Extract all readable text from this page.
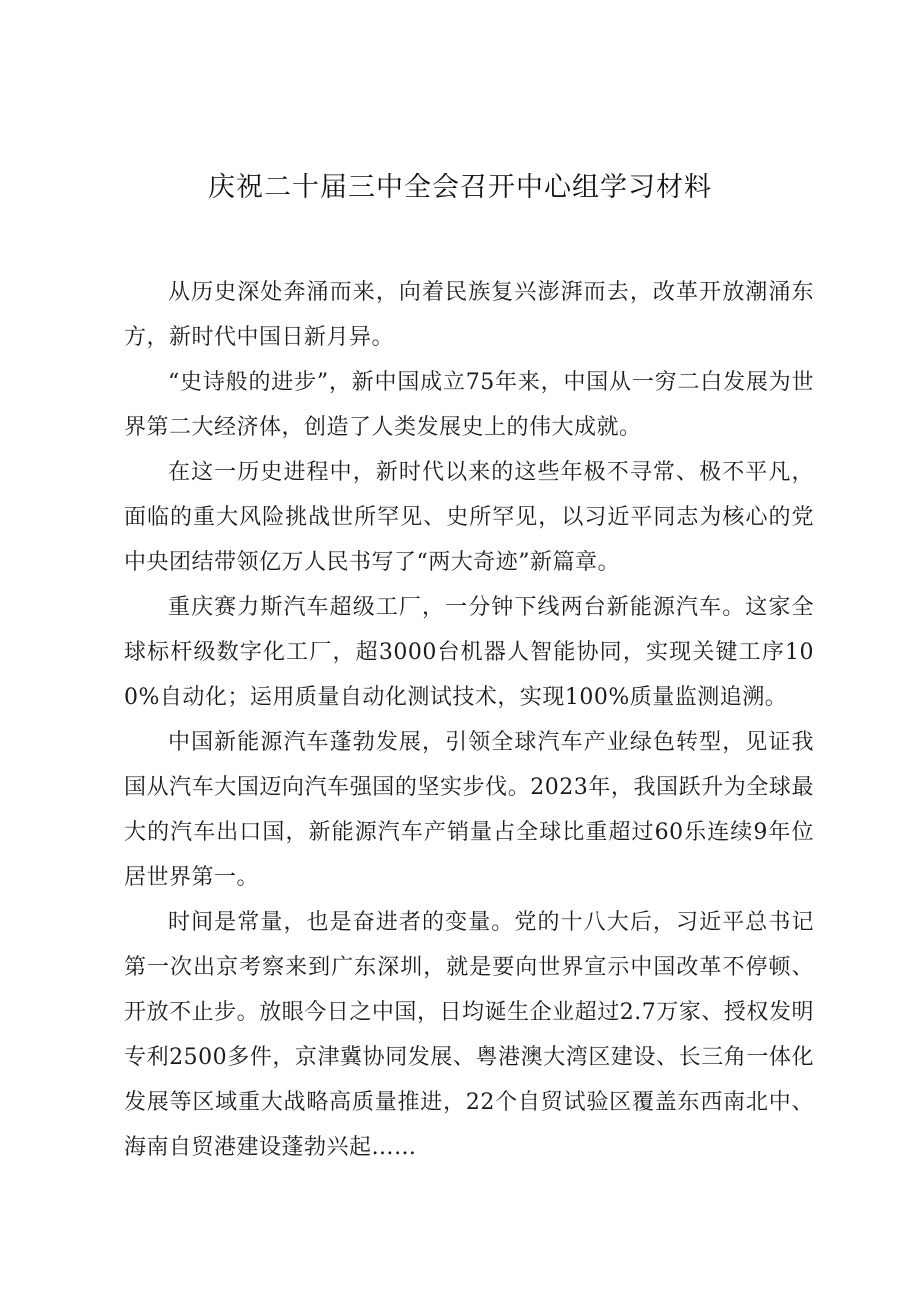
庆祝二十届三中全会召开中心组学习材料

从历史深处奔涌而来，向着民族复兴澎湃而去，改革开放潮涌东方，新时代中国日新月异。

“史诗般的进步”，新中国成立75年来，中国从一穷二白发展为世界第二大经济体，创造了人类发展史上的伟大成就。

在这一历史进程中，新时代以来的这些年极不寻常、极不平凡，面临的重大风险挑战世所罕见、史所罕见，以习近平同志为核心的党中央团结带领亿万人民书写了“两大奇迹”新篇章。

重庆赛力斯汽车超级工厂，一分钟下线两台新能源汽车。这家全球标杆级数字化工厂，超3000台机器人智能协同，实现关键工序100%自动化；运用质量自动化测试技术，实现100%质量监测追溯。

中国新能源汽车蓬勃发展，引领全球汽车产业绿色转型，见证我国从汽车大国迈向汽车强国的坚实步伐。2023年，我国跃升为全球最大的汽车出口国，新能源汽车产销量占全球比重超过60乐连续9年位居世界第一。

时间是常量，也是奋进者的变量。党的十八大后，习近平总书记第一次出京考察来到广东深圳，就是要向世界宣示中国改革不停顿、开放不止步。放眼今日之中国，日均诞生企业超过2.7万家、授权发明专利2500多件，京津冀协同发展、粤港澳大湾区建设、长三角一体化发展等区域重大战略高质量推进，22个自贸试验区覆盖东西南北中、海南自贸港建设蓬勃兴起……
